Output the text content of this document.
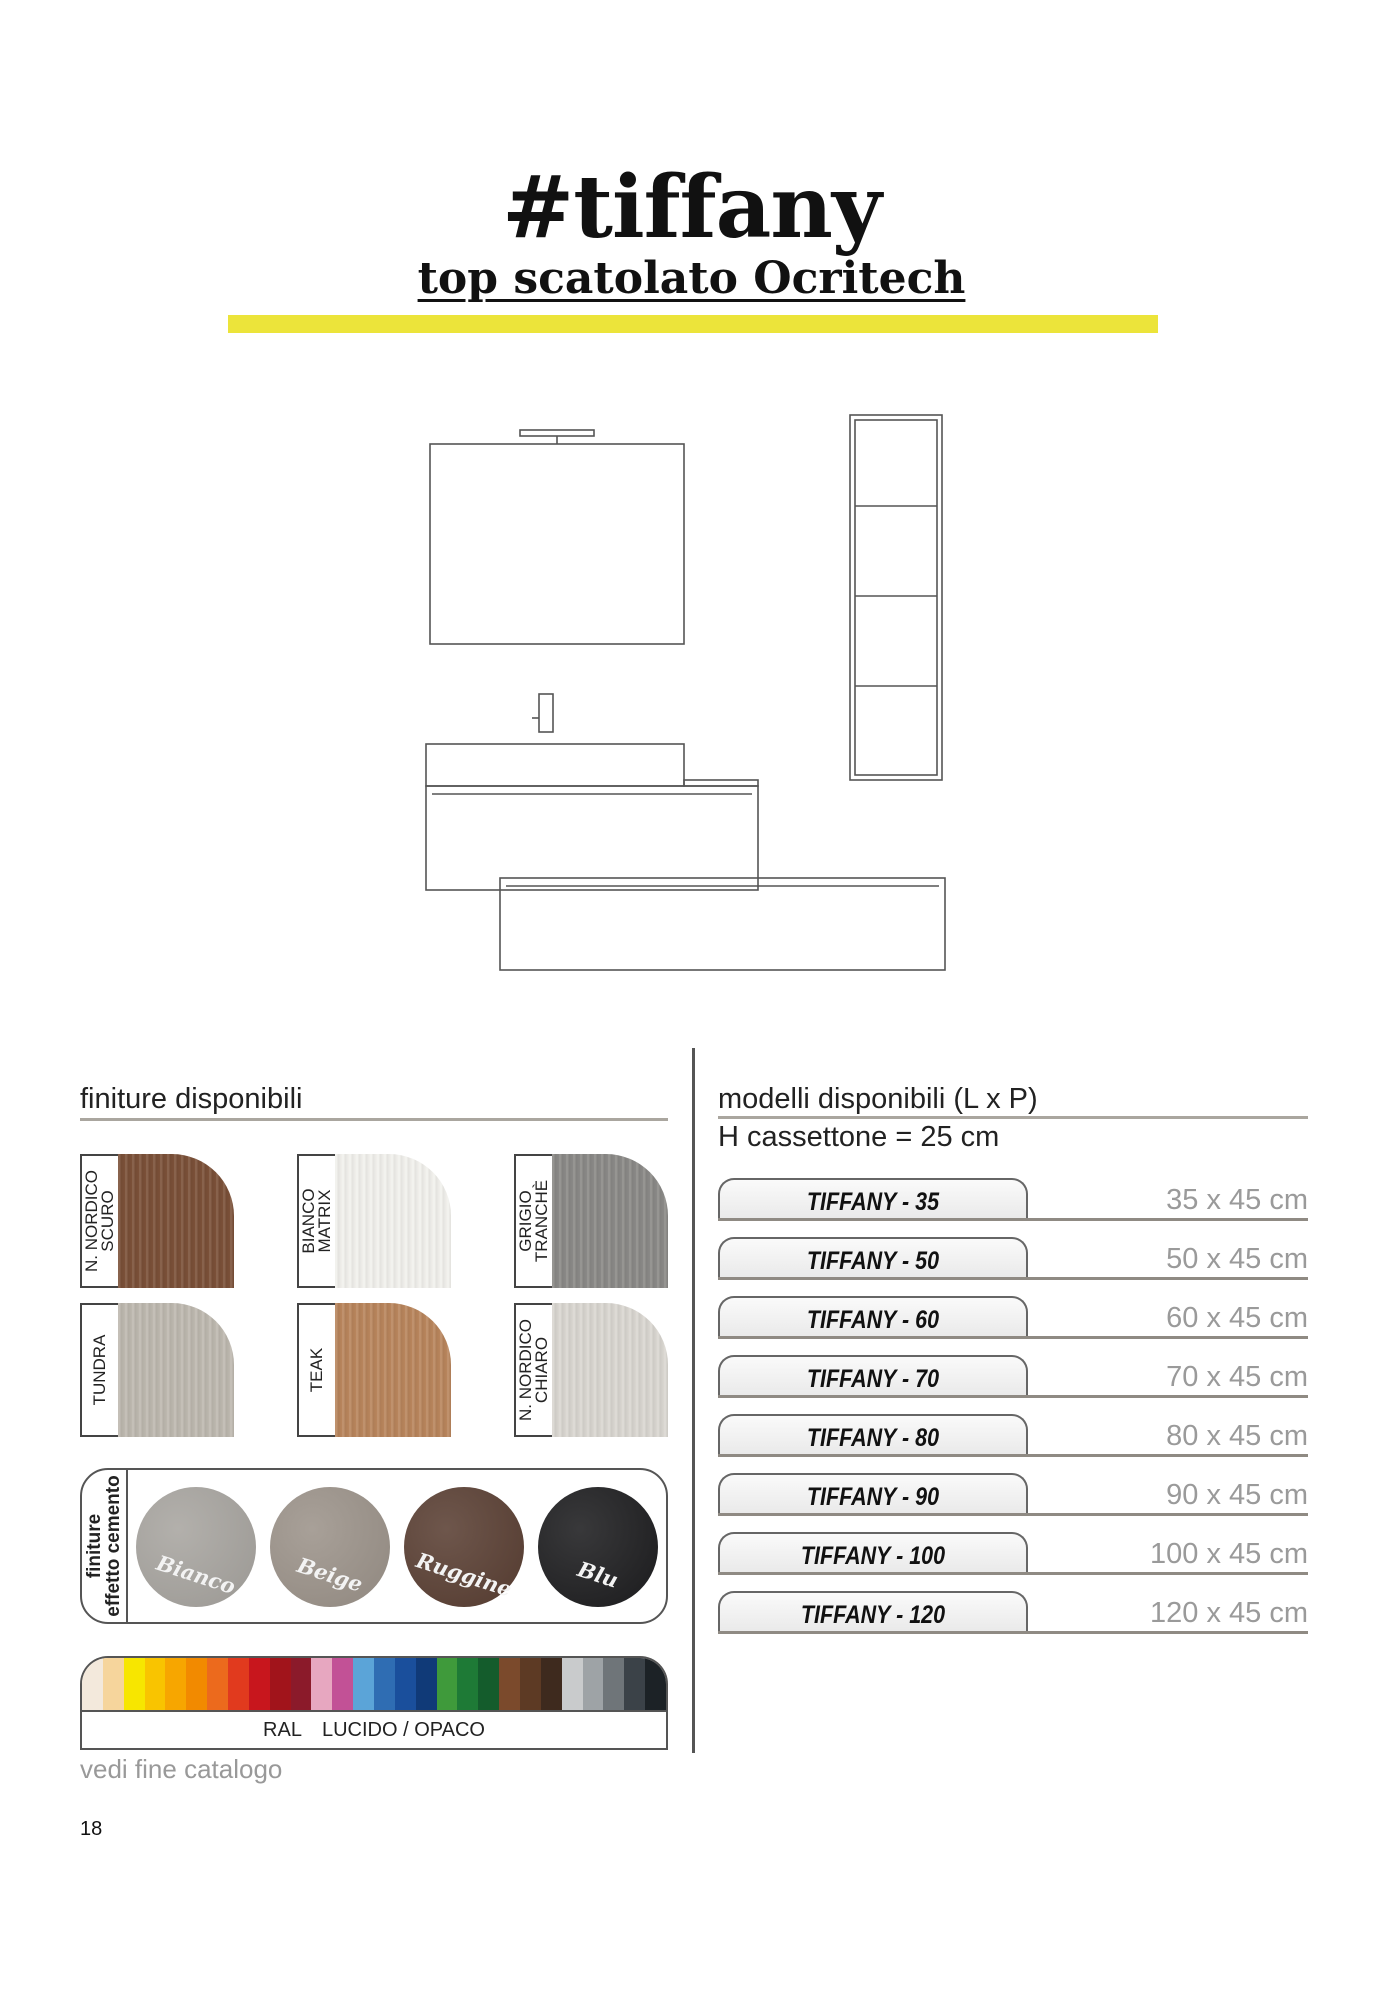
#tiffany
top scatolato Ocritech
finiture disponibili
N. NORDICO
SCURO	BIANCO
MATRIX	GRIGIO
TRANCHÈ
TUNDRA	TEAK
N. NORDICO
CHIARO
finiture
effetto cemento
Bianco	Beige	Ruggine	Blu
RAL LUCIDO / OPACO
vedi fine catalogo
modelli disponibili (L x P)
H cassettone = 25 cm
TIFFANY - 35	35 x 45 cm
TIFFANY - 50	50 x 45 cm
TIFFANY - 60	60 x 45 cm
TIFFANY - 70	70 x 45 cm
TIFFANY - 80	80 x 45 cm
TIFFANY - 90	90 x 45 cm
TIFFANY - 100	100 x 45 cm
TIFFANY - 120	120 x 45 cm
18
